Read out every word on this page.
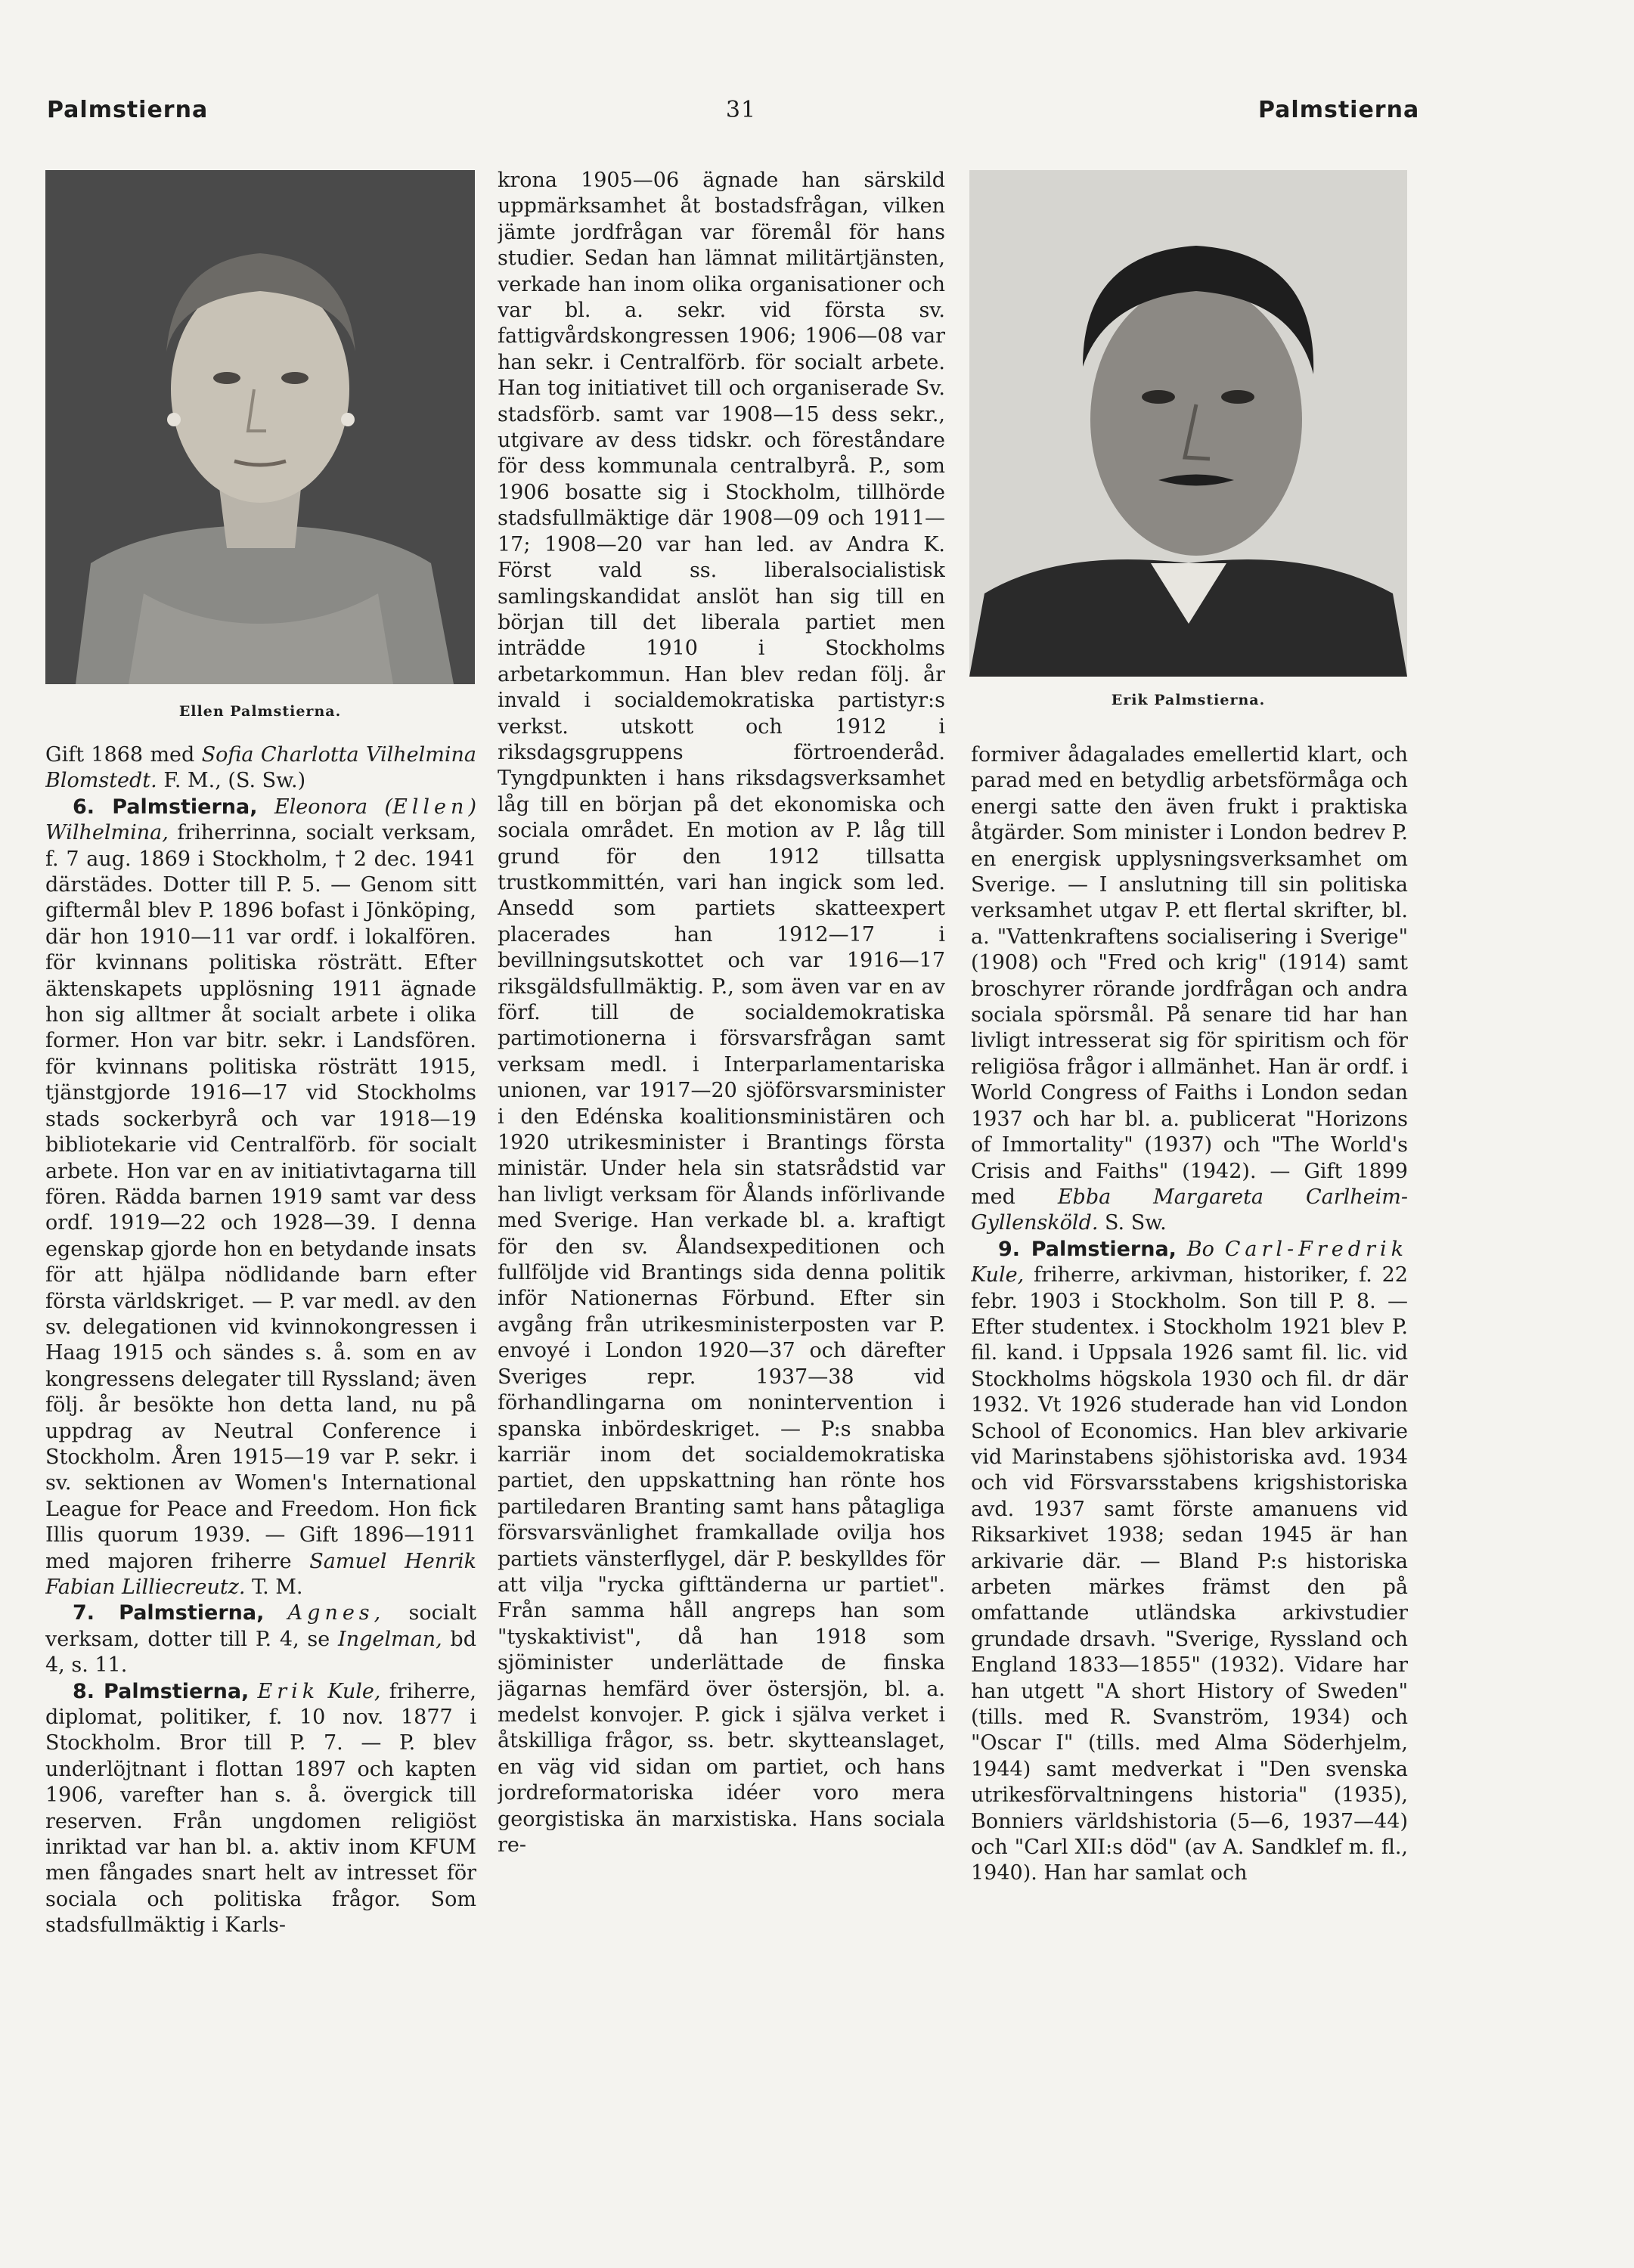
Palmstierna	31	Palmstierna
Ellen Palmstierna.
Erik Palmstierna.

Gift 1868 med Sofia Charlotta Vilhelmina Blomstedt. F. M., (S. Sw.)

6. Palmstierna, Eleonora (Ellen) Wilhelmina, friherrinna, socialt verksam, f. 7 aug. 1869 i Stockholm, † 2 dec. 1941 därstädes. Dotter till P. 5. — Genom sitt giftermål blev P. 1896 bofast i Jönköping, där hon 1910—11 var ordf. i lokalfören. för kvinnans politiska rösträtt. Efter äktenskapets upplösning 1911 ägnade hon sig alltmer åt socialt arbete i olika former. Hon var bitr. sekr. i Landsfören. för kvinnans politiska rösträtt 1915, tjänstgjorde 1916—17 vid Stockholms stads sockerbyrå och var 1918—19 bibliotekarie vid Centralförb. för socialt arbete. Hon var en av initiativtagarna till fören. Rädda barnen 1919 samt var dess ordf. 1919—22 och 1928—39. I denna egenskap gjorde hon en betydande insats för att hjälpa nödlidande barn efter första världskriget. — P. var medl. av den sv. delegationen vid kvinnokongressen i Haag 1915 och sändes s. å. som en av kongressens delegater till Ryssland; även följ. år besökte hon detta land, nu på uppdrag av Neutral Conference i Stockholm. Åren 1915—19 var P. sekr. i sv. sektionen av Women's International League for Peace and Freedom. Hon fick Illis quorum 1939. — Gift 1896—1911 med majoren friherre Samuel Henrik Fabian Lilliecreutz. T. M.

7. Palmstierna, Agnes, socialt verksam, dotter till P. 4, se Ingelman, bd 4, s. 11.

8. Palmstierna, Erik Kule, friherre, diplomat, politiker, f. 10 nov. 1877 i Stockholm. Bror till P. 7. — P. blev underlöjtnant i flottan 1897 och kapten 1906, varefter han s. å. övergick till reserven. Från ungdomen religiöst inriktad var han bl. a. aktiv inom KFUM men fångades snart helt av intresset för sociala och politiska frågor. Som stadsfullmäktig i Karls-

krona 1905—06 ägnade han särskild uppmärksamhet åt bostadsfrågan, vilken jämte jordfrågan var föremål för hans studier. Sedan han lämnat militärtjänsten, verkade han inom olika organisationer och var bl. a. sekr. vid första sv. fattigvårdskongressen 1906; 1906—08 var han sekr. i Centralförb. för socialt arbete. Han tog initiativet till och organiserade Sv. stadsförb. samt var 1908—15 dess sekr., utgivare av dess tidskr. och föreståndare för dess kommunala centralbyrå. P., som 1906 bosatte sig i Stockholm, tillhörde stadsfullmäktige där 1908—09 och 1911—17; 1908—20 var han led. av Andra K. Först vald ss. liberalsocialistisk samlingskandidat anslöt han sig till en början till det liberala partiet men inträdde 1910 i Stockholms arbetarkommun. Han blev redan följ. år invald i socialdemokratiska partistyr:s verkst. utskott och 1912 i riksdagsgruppens förtroenderåd. Tyngdpunkten i hans riksdagsverksamhet låg till en början på det ekonomiska och sociala området. En motion av P. låg till grund för den 1912 tillsatta trustkommittén, vari han ingick som led. Ansedd som partiets skatteexpert placerades han 1912—17 i bevillningsutskottet och var 1916—17 riksgäldsfullmäktig. P., som även var en av förf. till de socialdemokratiska partimotionerna i försvarsfrågan samt verksam medl. i Interparlamentariska unionen, var 1917—20 sjöförsvarsminister i den Edénska koalitionsministären och 1920 utrikesminister i Brantings första ministär. Under hela sin statsrådstid var han livligt verksam för Ålands införlivande med Sverige. Han verkade bl. a. kraftigt för den sv. Ålandsexpeditionen och fullföljde vid Brantings sida denna politik inför Nationernas Förbund. Efter sin avgång från utrikesministerposten var P. envoyé i London 1920—37 och därefter Sveriges repr. 1937—38 vid förhandlingarna om nonintervention i spanska inbördeskriget. — P:s snabba karriär inom det socialdemokratiska partiet, den uppskattning han rönte hos partiledaren Branting samt hans påtagliga försvarsvänlighet framkallade ovilja hos partiets vänsterflygel, där P. beskylldes för att vilja "rycka gifttänderna ur partiet". Från samma håll angreps han som "tyskaktivist", då han 1918 som sjöminister underlättade de finska jägarnas hemfärd över östersjön, bl. a. medelst konvojer. P. gick i själva verket i åtskilliga frågor, ss. betr. skytteanslaget, en väg vid sidan om partiet, och hans jordreformatoriska idéer voro mera georgistiska än marxistiska. Hans sociala re-

formiver ådagalades emellertid klart, och parad med en betydlig arbetsförmåga och energi satte den även frukt i praktiska åtgärder. Som minister i London bedrev P. en energisk upplysningsverksamhet om Sverige. — I anslutning till sin politiska verksamhet utgav P. ett flertal skrifter, bl. a. "Vattenkraftens socialisering i Sverige" (1908) och "Fred och krig" (1914) samt broschyrer rörande jordfrågan och andra sociala spörsmål. På senare tid har han livligt intresserat sig för spiritism och för religiösa frågor i allmänhet. Han är ordf. i World Congress of Faiths i London sedan 1937 och har bl. a. publicerat "Horizons of Immortality" (1937) och "The World's Crisis and Faiths" (1942). — Gift 1899 med Ebba Margareta Carlheim-Gyllensköld. S. Sw.

9. Palmstierna, Bo Carl-Fredrik Kule, friherre, arkivman, historiker, f. 22 febr. 1903 i Stockholm. Son till P. 8. — Efter studentex. i Stockholm 1921 blev P. fil. kand. i Uppsala 1926 samt fil. lic. vid Stockholms högskola 1930 och fil. dr där 1932. Vt 1926 studerade han vid London School of Economics. Han blev arkivarie vid Marinstabens sjöhistoriska avd. 1934 och vid Försvarsstabens krigshistoriska avd. 1937 samt förste amanuens vid Riksarkivet 1938; sedan 1945 är han arkivarie där. — Bland P:s historiska arbeten märkes främst den på omfattande utländska arkivstudier grundade drsavh. "Sverige, Ryssland och England 1833—1855" (1932). Vidare har han utgett "A short History of Sweden" (tills. med R. Svanström, 1934) och "Oscar I" (tills. med Alma Söderhjelm, 1944) samt medverkat i "Den svenska utrikesförvaltningens historia" (1935), Bonniers världshistoria (5—6, 1937—44) och "Carl XII:s död" (av A. Sandklef m. fl., 1940). Han har samlat och
